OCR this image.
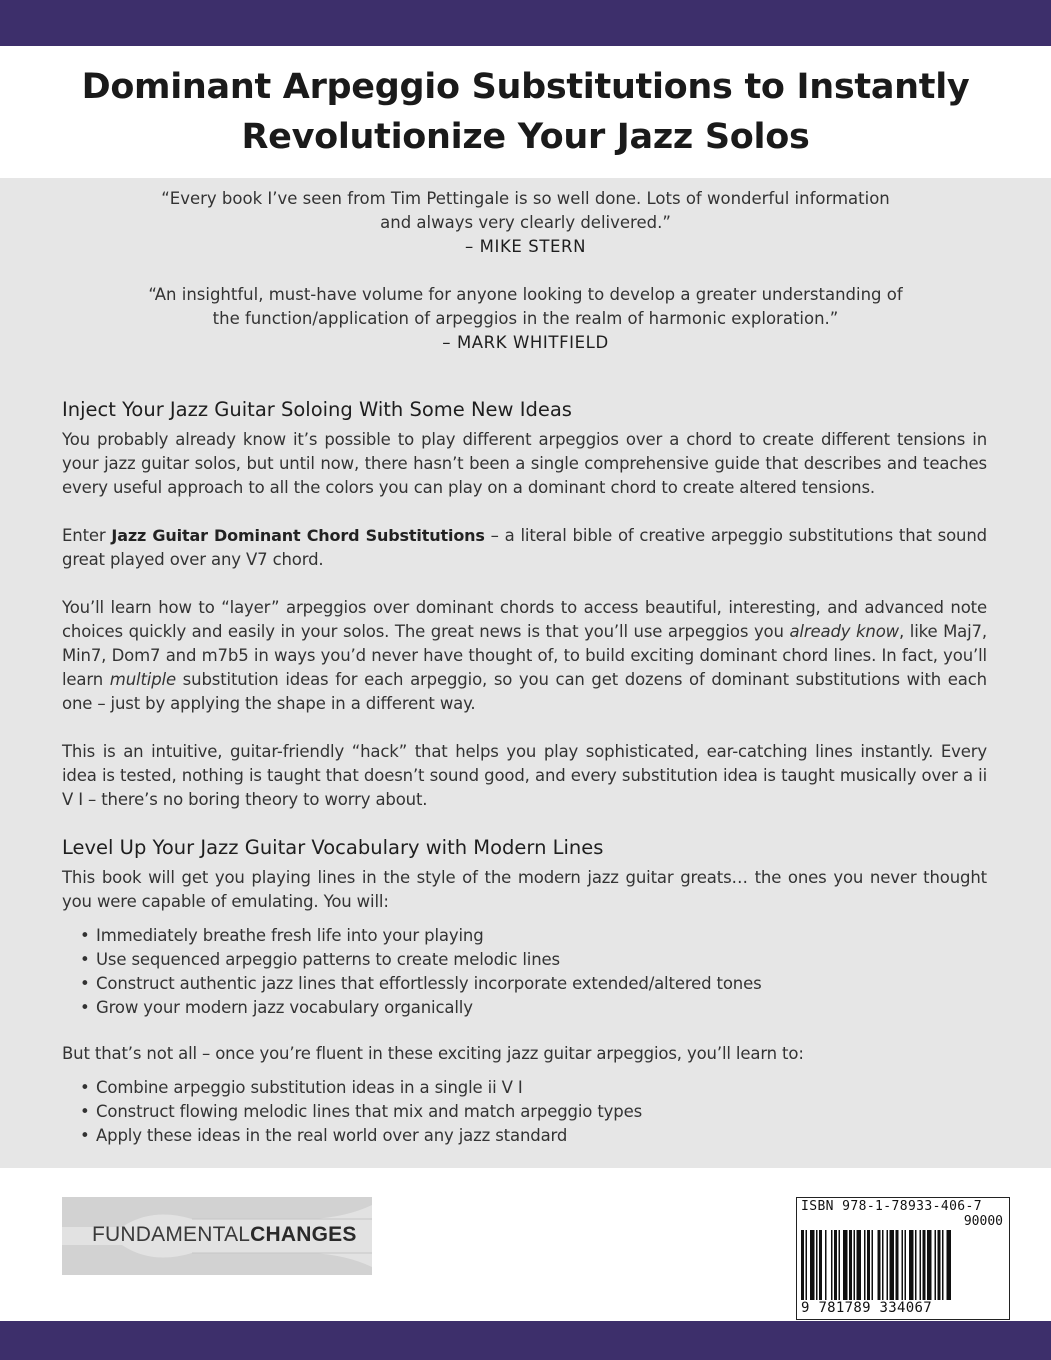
Dominant Arpeggio Substitutions to Instantly
Revolutionize Your Jazz Solos
“Every book I’ve seen from Tim Pettingale is so well done. Lots of wonderful information
and always very clearly delivered.”
– MIKE STERN
“An insightful, must-have volume for anyone looking to develop a greater understanding of
the function/application of arpeggios in the realm of harmonic exploration.”
– MARK WHITFIELD
Inject Your Jazz Guitar Soloing With Some New Ideas

You probably already know it’s possible to play different arpeggios over a chord to create different tensions in your jazz guitar solos, but until now, there hasn’t been a single comprehensive guide that describes and teaches every useful approach to all the colors you can play on a dominant chord to create altered tensions.

Enter Jazz Guitar Dominant Chord Substitutions – a literal bible of creative arpeggio substitutions that sound great played over any V7 chord.

You’ll learn how to “layer” arpeggios over dominant chords to access beautiful, interesting, and advanced note choices quickly and easily in your solos. The great news is that you’ll use arpeggios you already know, like Maj7, Min7, Dom7 and m7b5 in ways you’d never have thought of, to build exciting dominant chord lines. In fact, you’ll learn multiple substitution ideas for each arpeggio, so you can get dozens of dominant substitutions with each one – just by applying the shape in a different way.

This is an intuitive, guitar-friendly “hack” that helps you play sophisticated, ear-catching lines instantly. Every idea is tested, nothing is taught that doesn’t sound good, and every substitution idea is taught musically over a ii V I – there’s no boring theory to worry about.

Level Up Your Jazz Guitar Vocabulary with Modern Lines

This book will get you playing lines in the style of the modern jazz guitar greats… the ones you never thought you were capable of emulating. You will:

• Immediately breathe fresh life into your playing
• Use sequenced arpeggio patterns to create melodic lines
• Construct authentic jazz lines that effortlessly incorporate extended/altered tones
• Grow your modern jazz vocabulary organically

But that’s not all – once you’re fluent in these exciting jazz guitar arpeggios, you’ll learn to:

• Combine arpeggio substitution ideas in a single ii V I
• Construct flowing melodic lines that mix and match arpeggio types
• Apply these ideas in the real world over any jazz standard
FUNDAMENTALCHANGES
ISBN 978-1-78933-406-7
90000
9 781789 334067
